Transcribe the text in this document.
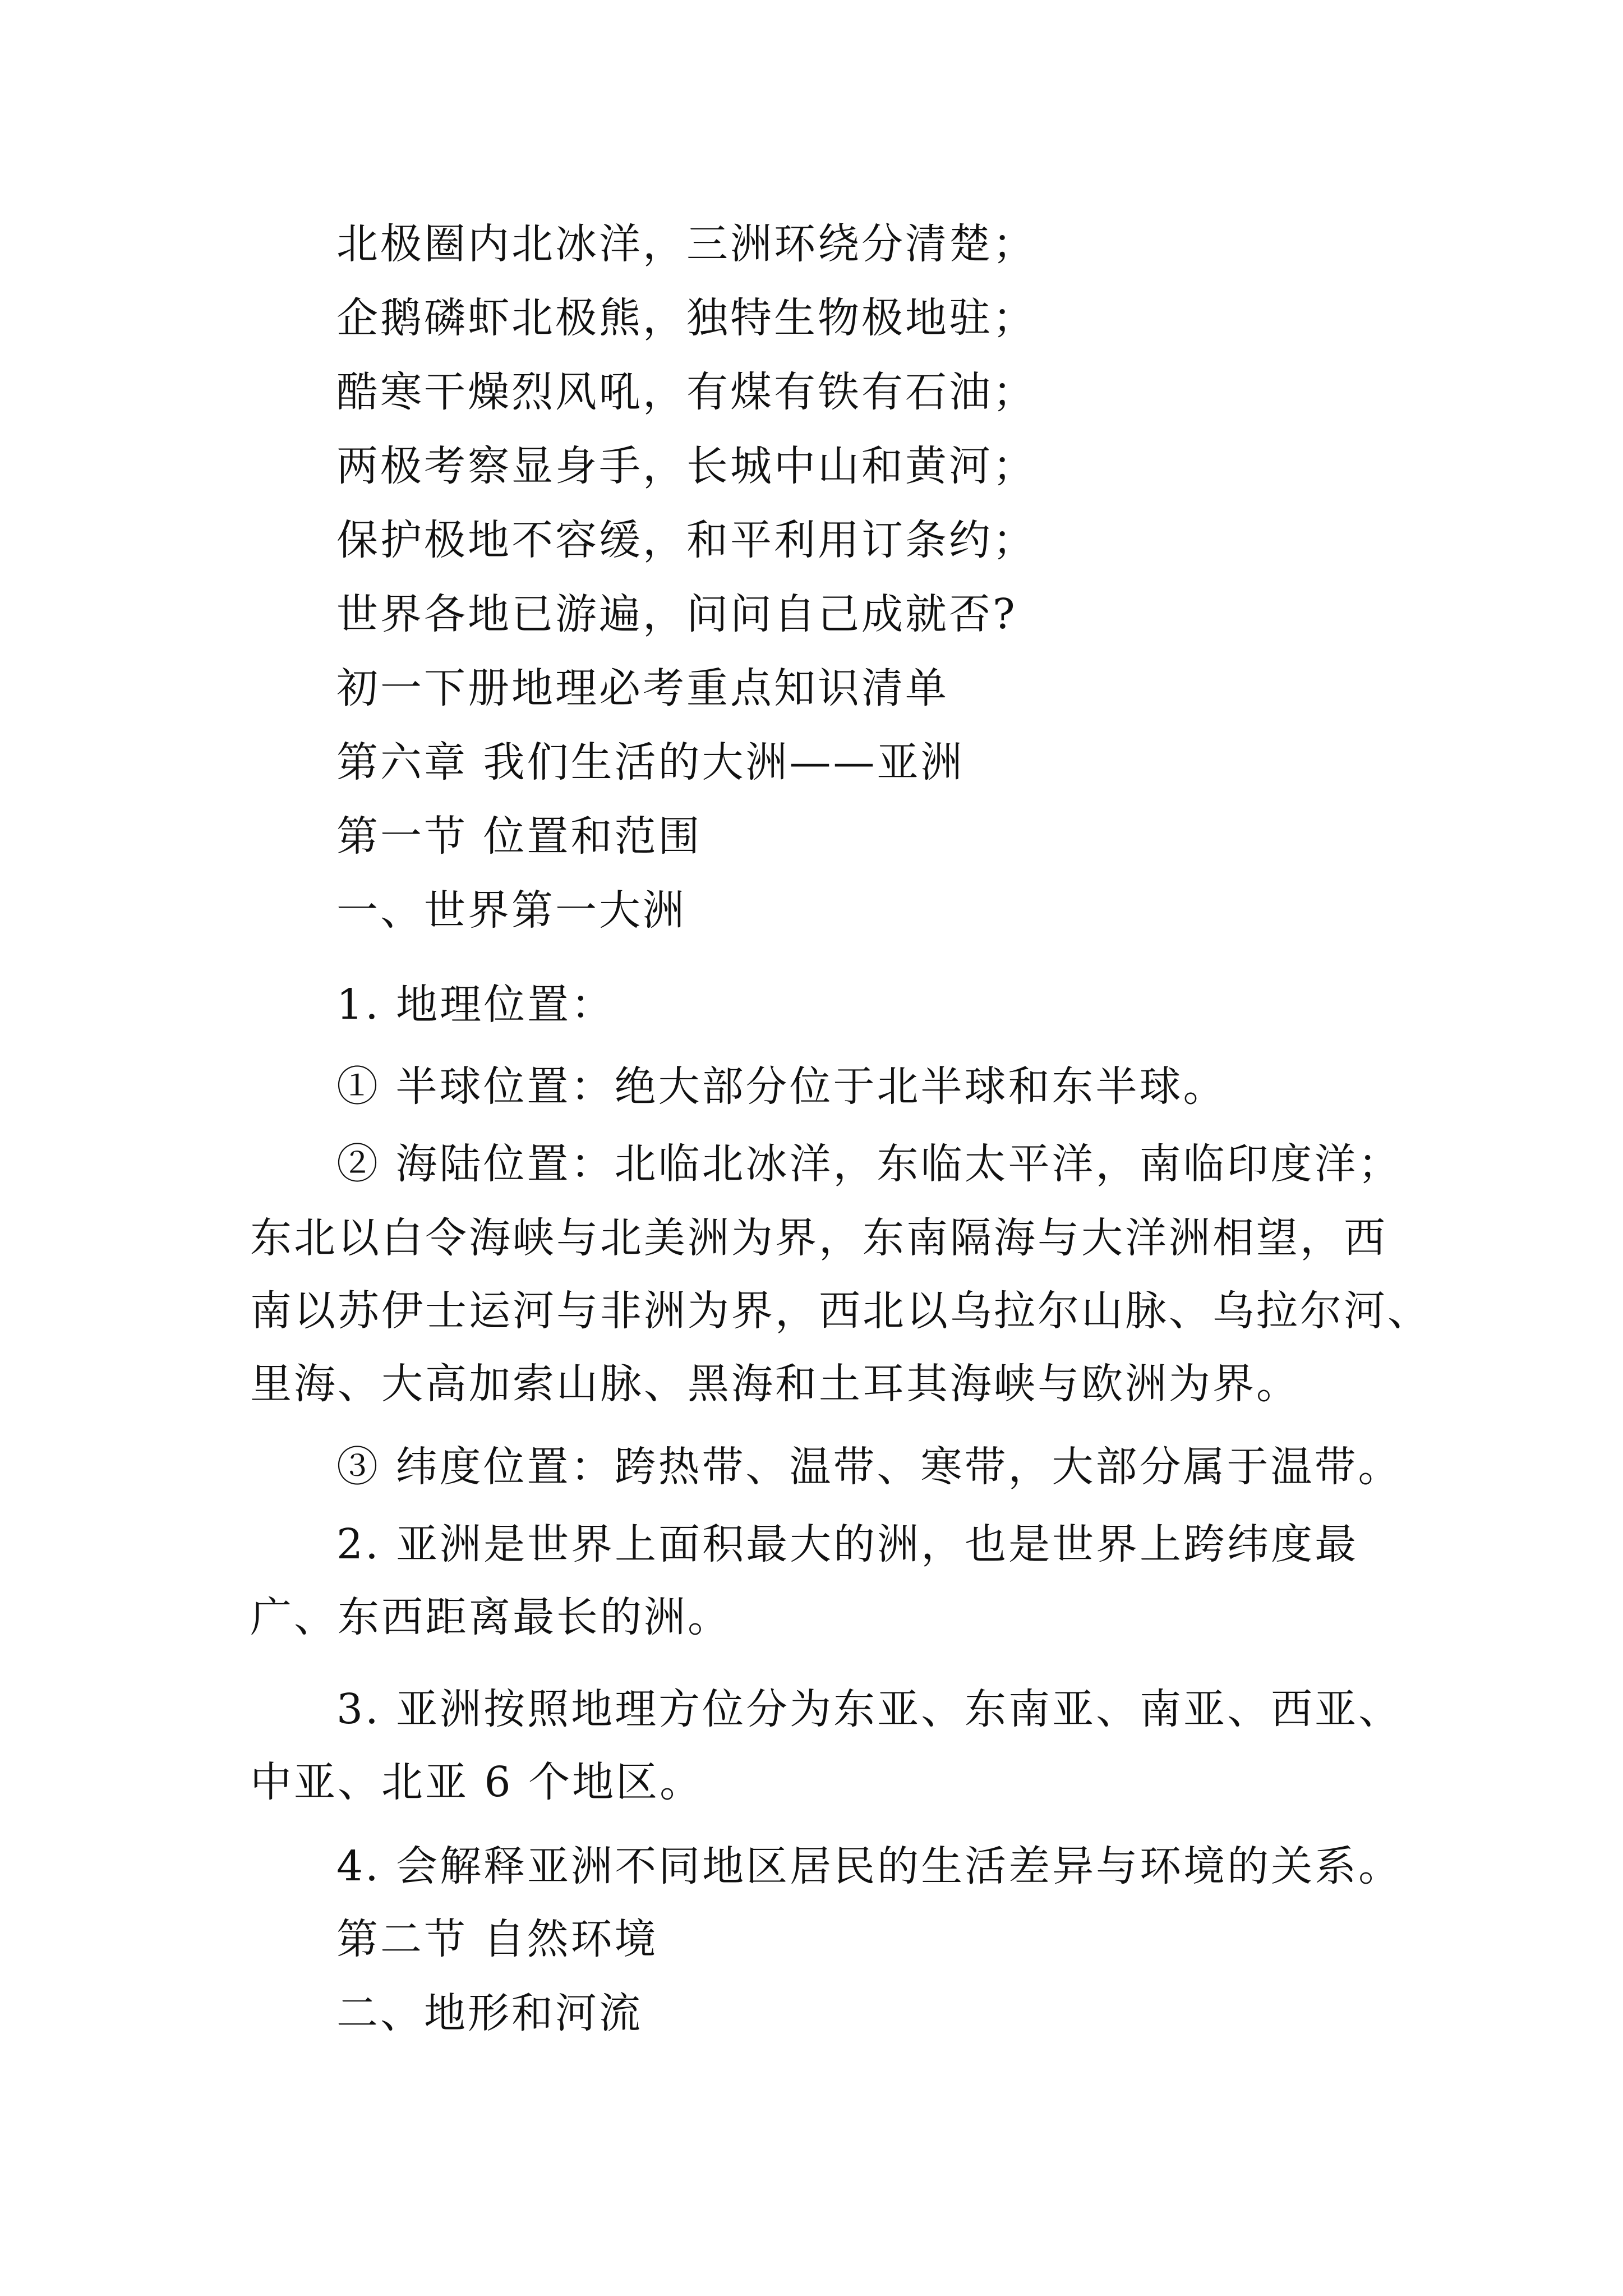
北极圈内北冰洋，三洲环绕分清楚；
企鹅磷虾北极熊，独特生物极地驻；
酷寒干燥烈风吼，有煤有铁有石油；
两极考察显身手，长城中山和黄河；
保护极地不容缓，和平利用订条约；
世界各地已游遍，问问自己成就否?
初一下册地理必考重点知识清单
第六章 我们生活的大洲——亚洲
第一节 位置和范围
一、世界第一大洲
1. 地理位置：
① 半球位置：绝大部分位于北半球和东半球。
② 海陆位置：北临北冰洋，东临太平洋，南临印度洋；
东北以白令海峡与北美洲为界，东南隔海与大洋洲相望，西
南以苏伊士运河与非洲为界，西北以乌拉尔山脉、乌拉尔河、
里海、大高加索山脉、黑海和土耳其海峡与欧洲为界。
③ 纬度位置：跨热带、温带、寒带，大部分属于温带。
2. 亚洲是世界上面积最大的洲，也是世界上跨纬度最
广、东西距离最长的洲。
3. 亚洲按照地理方位分为东亚、东南亚、南亚、西亚、
中亚、北亚 6 个地区。
4. 会解释亚洲不同地区居民的生活差异与环境的关系。
第二节 自然环境
二、地形和河流
